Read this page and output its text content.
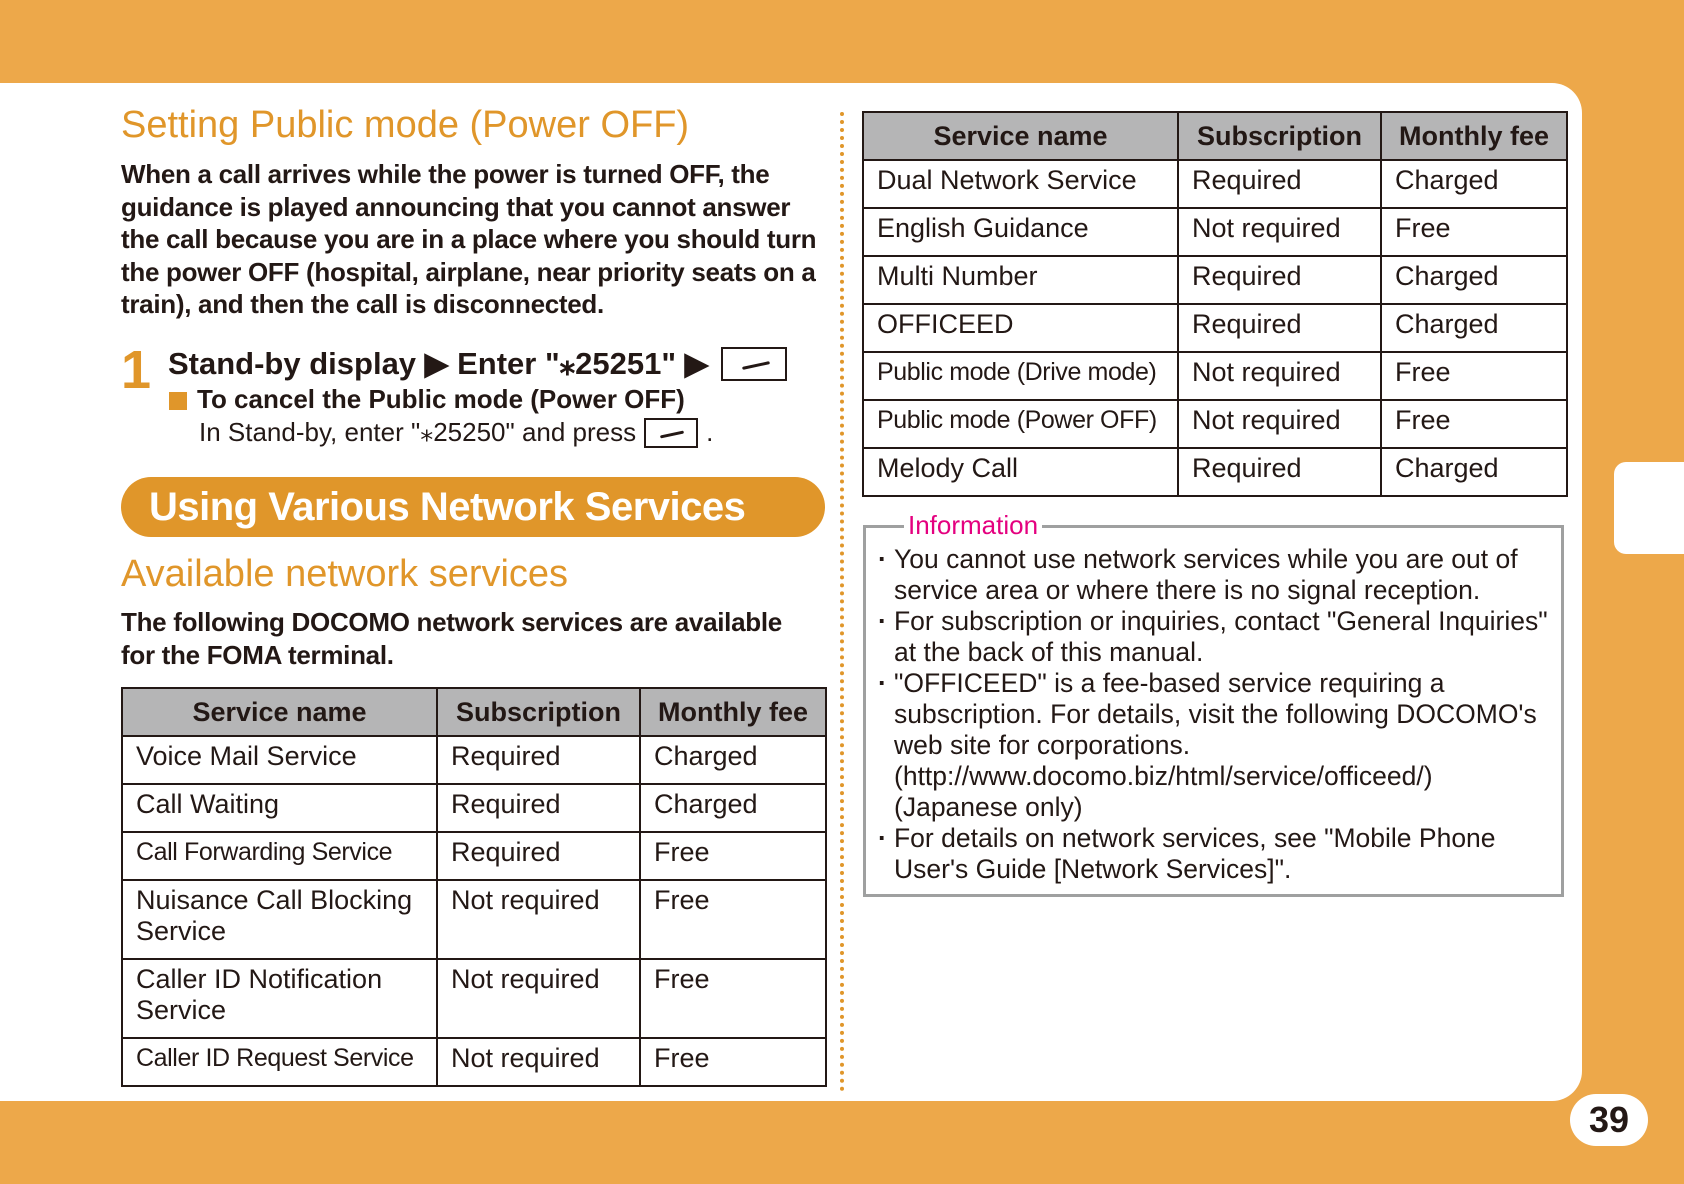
Setting Public mode (Power OFF)
When a call arrives while the power is turned OFF, the guidance is played announcing that you cannot answer the call because you are in a place where you should turn the power OFF (hospital, airplane, near priority seats on a train), and then the call is disconnected.
1 Stand-by display ▶ Enter "⁎25251" ▶
To cancel the Public mode (Power OFF)
In Stand-by, enter "⁎25250" and press	.
Using Various Network Services
Available network services
The following DOCOMO network services are available for the FOMA terminal.
Service name	Subscription	Monthly fee
Voice Mail Service	Required	Charged
Call Waiting	Required	Charged
Call Forwarding Service	Required	Free
Nuisance Call Blocking Service	Not required	Free
Caller ID Notification Service	Not required	Free
Caller ID Request Service	Not required	Free
Service name	Subscription	Monthly fee
Dual Network Service	Required	Charged
English Guidance	Not required	Free
Multi Number	Required	Charged
OFFICEED	Required	Charged
Public mode (Drive mode)	Not required	Free
Public mode (Power OFF)	Not required	Free
Melody Call	Required	Charged
Information
· You cannot use network services while you are out of service area or where there is no signal reception.
· For subscription or inquiries, contact "General Inquiries" at the back of this manual.
· "OFFICEED" is a fee-based service requiring a subscription. For details, visit the following DOCOMO's web site for corporations. (http://www.docomo.biz/html/service/officeed/) (Japanese only)
· For details on network services, see "Mobile Phone User's Guide [Network Services]".
39
